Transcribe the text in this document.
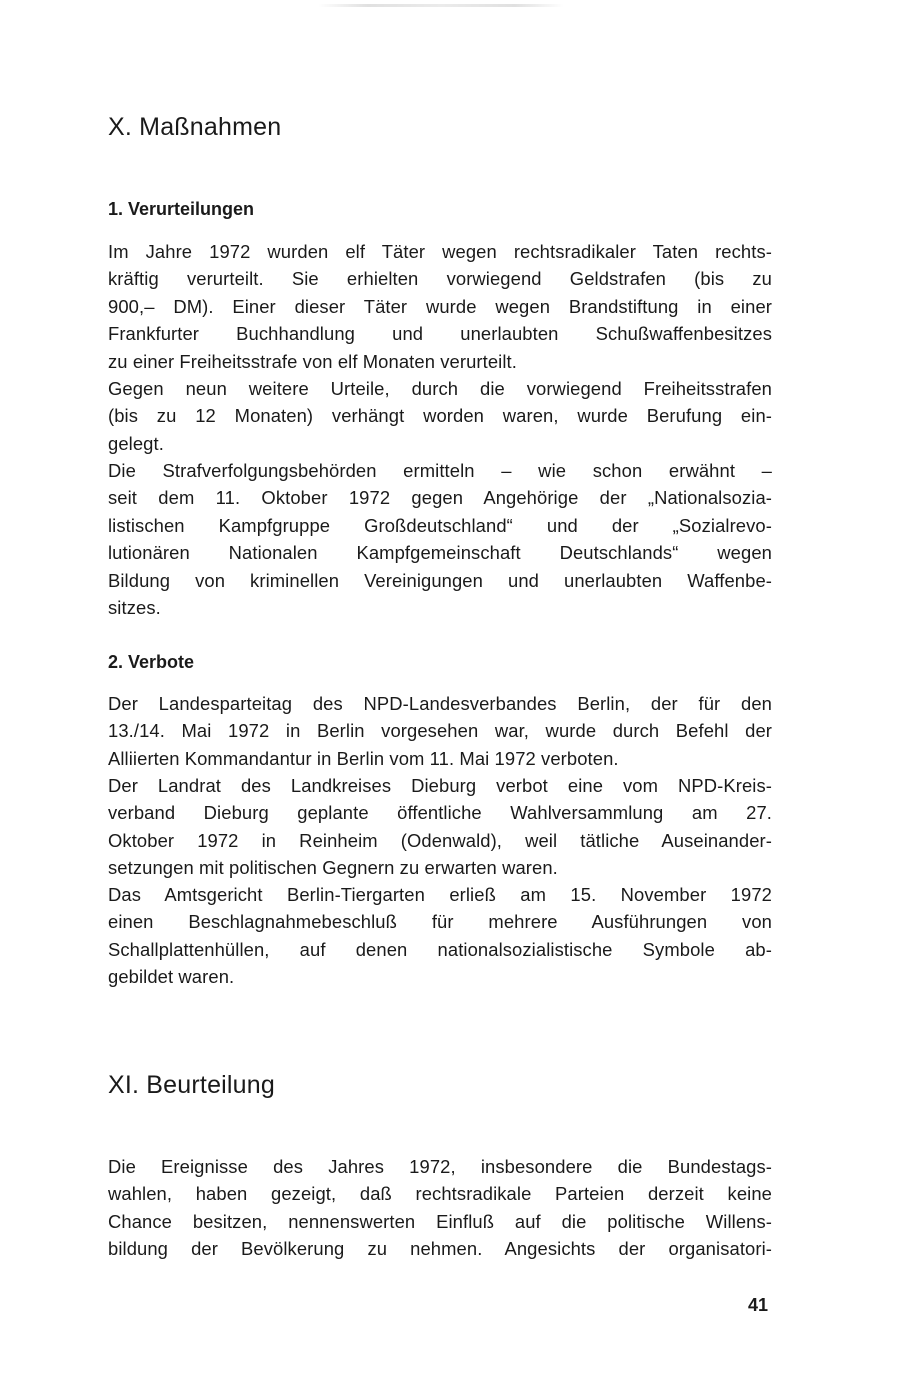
X. Maßnahmen
1. Verurteilungen
Im Jahre 1972 wurden elf Täter wegen rechtsradikaler Taten rechts-
kräftig verurteilt. Sie erhielten vorwiegend Geldstrafen (bis zu
900,– DM). Einer dieser Täter wurde wegen Brandstiftung in einer
Frankfurter Buchhandlung und unerlaubten Schußwaffenbesitzes
zu einer Freiheitsstrafe von elf Monaten verurteilt.
Gegen neun weitere Urteile, durch die vorwiegend Freiheitsstrafen
(bis zu 12 Monaten) verhängt worden waren, wurde Berufung ein-
gelegt.
Die Strafverfolgungsbehörden ermitteln – wie schon erwähnt –
seit dem 11. Oktober 1972 gegen Angehörige der „Nationalsozia-
listischen Kampfgruppe Großdeutschland“ und der „Sozialrevo-
lutionären Nationalen Kampfgemeinschaft Deutschlands“ wegen
Bildung von kriminellen Vereinigungen und unerlaubten Waffenbe-
sitzes.
2. Verbote
Der Landesparteitag des NPD-Landesverbandes Berlin, der für den
13./14. Mai 1972 in Berlin vorgesehen war, wurde durch Befehl der
Alliierten Kommandantur in Berlin vom 11. Mai 1972 verboten.
Der Landrat des Landkreises Dieburg verbot eine vom NPD-Kreis-
verband Dieburg geplante öffentliche Wahlversammlung am 27.
Oktober 1972 in Reinheim (Odenwald), weil tätliche Auseinander-
setzungen mit politischen Gegnern zu erwarten waren.
Das Amtsgericht Berlin-Tiergarten erließ am 15. November 1972
einen Beschlagnahmebeschluß für mehrere Ausführungen von
Schallplattenhüllen, auf denen nationalsozialistische Symbole ab-
gebildet waren.
XI. Beurteilung
Die Ereignisse des Jahres 1972, insbesondere die Bundestags-
wahlen, haben gezeigt, daß rechtsradikale Parteien derzeit keine
Chance besitzen, nennenswerten Einfluß auf die politische Willens-
bildung der Bevölkerung zu nehmen. Angesichts der organisatori-
41
